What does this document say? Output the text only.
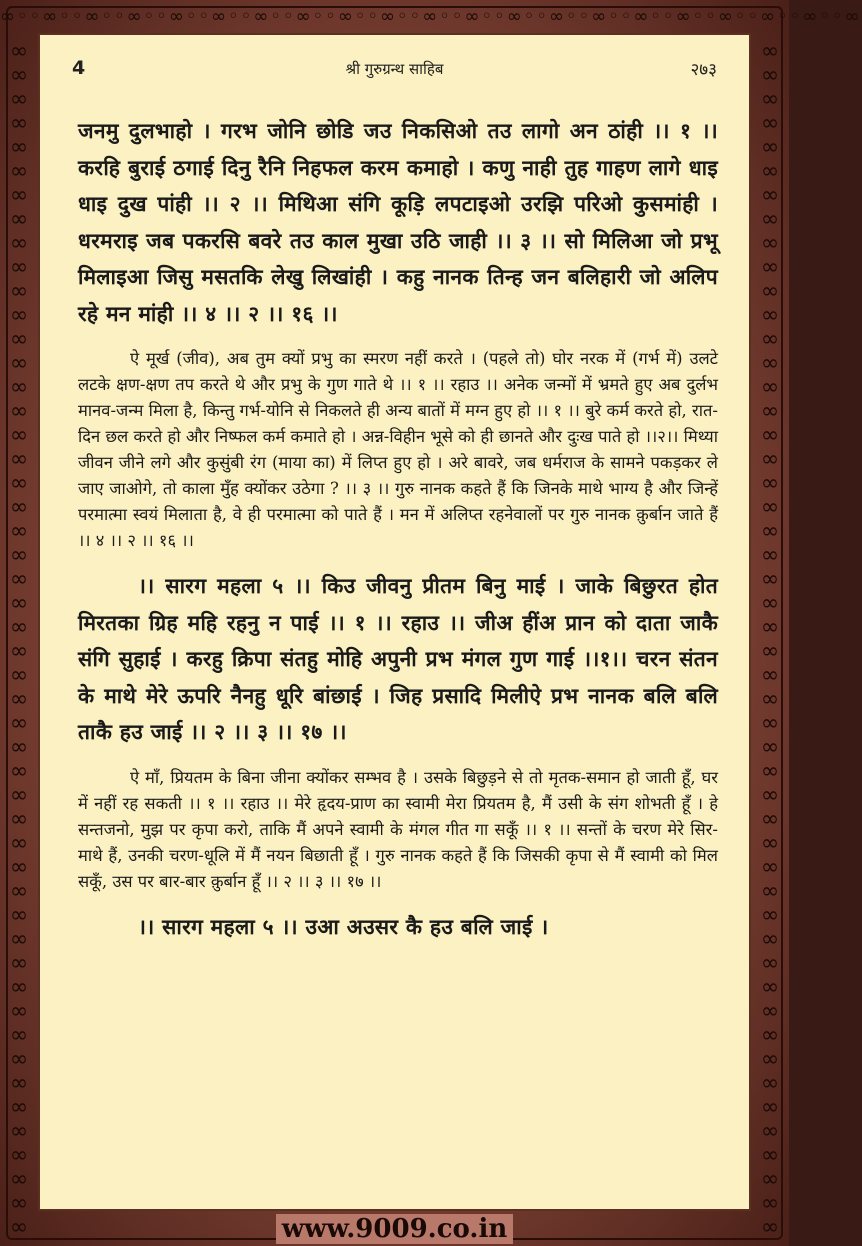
∞◦◦∞◦◦∞◦◦∞◦◦∞◦◦∞◦◦∞◦◦∞◦◦∞◦◦∞◦◦∞◦◦∞◦◦∞◦◦∞◦◦∞◦◦∞◦◦∞◦◦∞◦◦∞◦◦∞◦◦∞
∞∞∞∞∞∞∞∞∞∞∞∞∞∞∞∞∞∞∞∞∞∞∞∞∞∞∞∞∞∞∞∞∞∞∞∞∞∞∞∞∞∞∞∞∞∞∞∞∞∞
∞∞∞∞∞∞∞∞∞∞∞∞∞∞∞∞∞∞∞∞∞∞∞∞∞∞∞∞∞∞∞∞∞∞∞∞∞∞∞∞∞∞∞∞∞∞∞∞∞∞
4	श्री गुरुग्रन्थ साहिब	२७३
जनमु दुलभाहो । गरभ जोनि छोडि जउ निकसिओ तउ लागो अन ठांही ।। १ ।। करहि बुराई ठगाई दिनु रैनि निहफल करम कमाहो । कणु नाही तुह गाहण लागे धाइ धाइ दुख पांही ।। २ ।। मिथिआ संगि कूड़ि लपटाइओ उरझि परिओ कुसमांही । धरमराइ जब पकरसि बवरे तउ काल मुखा उठि जाही ।। ३ ।। सो मिलिआ जो प्रभू मिलाइआ जिसु मसतकि लेखु लिखांही । कहु नानक तिन्ह जन बलिहारी जो अलिप रहे मन मांही ।। ४ ।। २ ।। १६ ।।
ऐ मूर्ख (जीव), अब तुम क्यों प्रभु का स्मरण नहीं करते । (पहले तो) घोर नरक में (गर्भ में) उलटे लटके क्षण-क्षण तप करते थे और प्रभु के गुण गाते थे ।। १ ।। रहाउ ।। अनेक जन्मों में भ्रमते हुए अब दुर्लभ मानव-जन्म मिला है, किन्तु गर्भ-योनि से निकलते ही अन्य बातों में मग्न हुए हो ।। १ ।। बुरे कर्म करते हो, रात-दिन छल करते हो और निष्फल कर्म कमाते हो । अन्न-विहीन भूसे को ही छानते और दुःख पाते हो ।।२।। मिथ्या जीवन जीने लगे और कुसुंबी रंग (माया का) में लिप्त हुए हो । अरे बावरे, जब धर्मराज के सामने पकड़कर ले जाए जाओगे, तो काला मुँह क्योंकर उठेगा ? ।। ३ ।। गुरु नानक कहते हैं कि जिनके माथे भाग्य है और जिन्हें परमात्मा स्वयं मिलाता है, वे ही परमात्मा को पाते हैं । मन में अलिप्त रहनेवालों पर गुरु नानक क़ुर्बान जाते हैं ।। ४ ।। २ ।। १६ ।।
।। सारग महला ५ ।। किउ जीवनु प्रीतम बिनु माई । जाके बिछुरत होत मिरतका ग्रिह महि रहनु न पाई ।। १ ।। रहाउ ।। जीअ हींअ प्रान को दाता जाकै संगि सुहाई । करहु क्रिपा संतहु मोहि अपुनी प्रभ मंगल गुण गाई ।।१।। चरन संतन के माथे मेरे ऊपरि नैनहु धूरि बांछाई । जिह प्रसादि मिलीऐ प्रभ नानक बलि बलि ताकै हउ जाई ।। २ ।। ३ ।। १७ ।।
ऐ माँ, प्रियतम के बिना जीना क्योंकर सम्भव है । उसके बिछुड़ने से तो मृतक-समान हो जाती हूँ, घर में नहीं रह सकती ।। १ ।। रहाउ ।। मेरे हृदय-प्राण का स्वामी मेरा प्रियतम है, मैं उसी के संग शोभती हूँ । हे सन्तजनो, मुझ पर कृपा करो, ताकि मैं अपने स्वामी के मंगल गीत गा सकूँ ।। १ ।। सन्तों के चरण मेरे सिर-माथे हैं, उनकी चरण-धूलि में मैं नयन बिछाती हूँ । गुरु नानक कहते हैं कि जिसकी कृपा से मैं स्वामी को मिल सकूँ, उस पर बार-बार क़ुर्बान हूँ ।। २ ।। ३ ।। १७ ।।
।। सारग महला ५ ।। उआ अउसर कै हउ बलि जाई ।
www.9009.co.in
